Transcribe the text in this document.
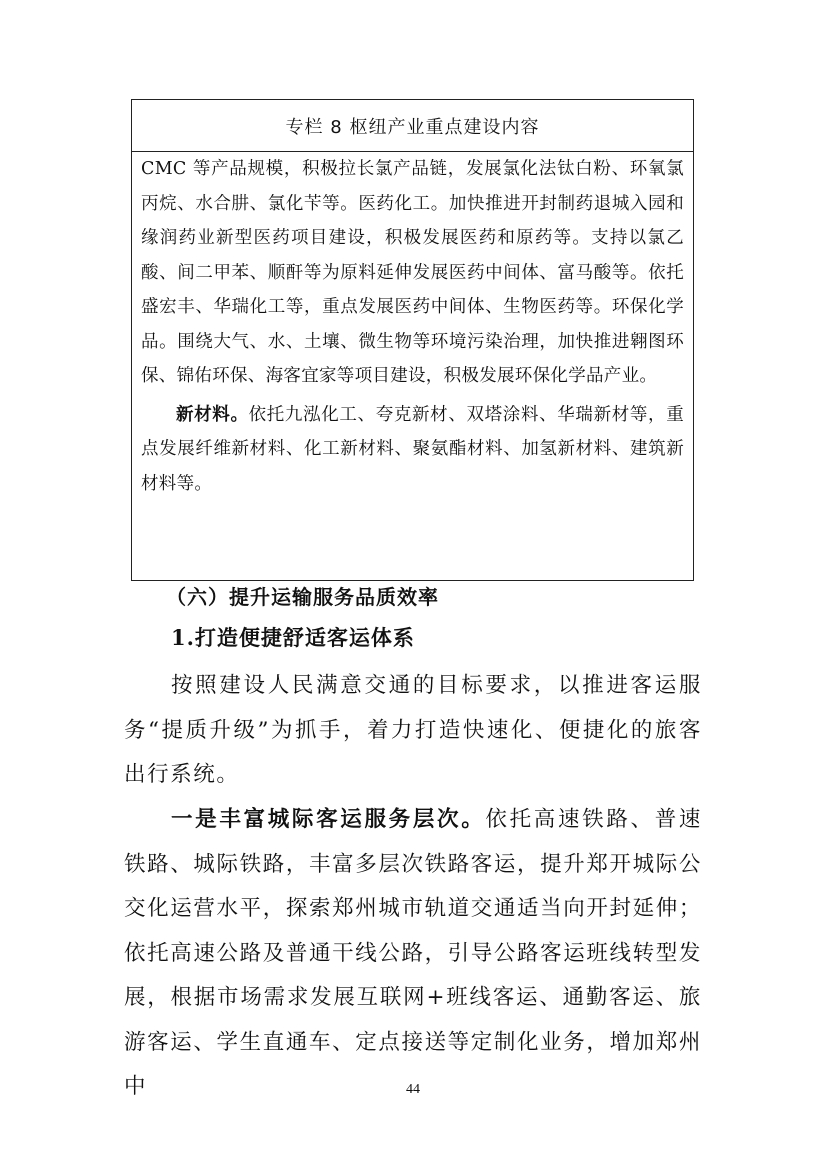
专栏 8 枢纽产业重点建设内容

CMC 等产品规模，积极拉长氯产品链，发展氯化法钛白粉、环氧氯丙烷、水合肼、氯化苄等。医药化工。加快推进开封制药退城入园和缘润药业新型医药项目建设，积极发展医药和原药等。支持以氯乙酸、间二甲苯、顺酐等为原料延伸发展医药中间体、富马酸等。依托盛宏丰、华瑞化工等，重点发展医药中间体、生物医药等。环保化学品。围绕大气、水、土壤、微生物等环境污染治理，加快推进翱图环保、锦佑环保、海客宜家等项目建设，积极发展环保化学品产业。

新材料。依托九泓化工、夸克新材、双塔涂料、华瑞新材等，重点发展纤维新材料、化工新材料、聚氨酯材料、加氢新材料、建筑新材料等。

（六）提升运输服务品质效率
1.打造便捷舒适客运体系

按照建设人民满意交通的目标要求，以推进客运服务“提质升级”为抓手，着力打造快速化、便捷化的旅客出行系统。

一是丰富城际客运服务层次。依托高速铁路、普速铁路、城际铁路，丰富多层次铁路客运，提升郑开城际公交化运营水平，探索郑州城市轨道交通适当向开封延伸；依托高速公路及普通干线公路，引导公路客运班线转型发展，根据市场需求发展互联网+班线客运、通勤客运、旅游客运、学生直通车、定点接送等定制化业务，增加郑州中	44
